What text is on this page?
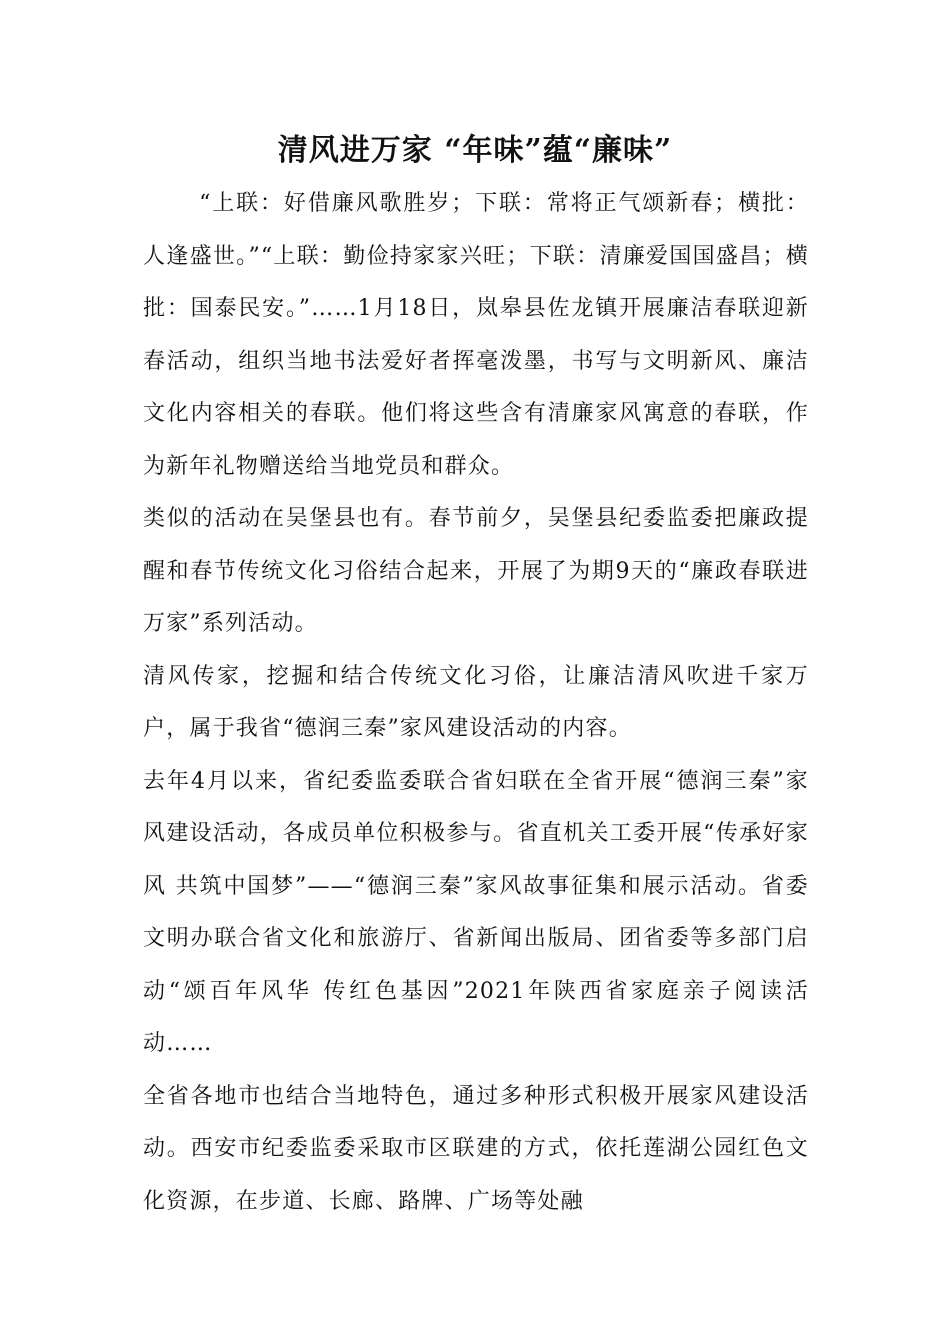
清风进万家 “年味”蕴“廉味”

“上联：好借廉风歌胜岁；下联：常将正气颂新春；横批：人逢盛世。”“上联：勤俭持家家兴旺；下联：清廉爱国国盛昌；横批：国泰民安。”……1月18日，岚皋县佐龙镇开展廉洁春联迎新春活动，组织当地书法爱好者挥毫泼墨，书写与文明新风、廉洁文化内容相关的春联。他们将这些含有清廉家风寓意的春联，作为新年礼物赠送给当地党员和群众。

类似的活动在吴堡县也有。春节前夕，吴堡县纪委监委把廉政提醒和春节传统文化习俗结合起来，开展了为期9天的“廉政春联进万家”系列活动。

清风传家，挖掘和结合传统文化习俗，让廉洁清风吹进千家万户，属于我省“德润三秦”家风建设活动的内容。

去年4月以来，省纪委监委联合省妇联在全省开展“德润三秦”家风建设活动，各成员单位积极参与。省直机关工委开展“传承好家风 共筑中国梦”——“德润三秦”家风故事征集和展示活动。省委文明办联合省文化和旅游厅、省新闻出版局、团省委等多部门启动“颂百年风华 传红色基因”2021年陕西省家庭亲子阅读活动……

全省各地市也结合当地特色，通过多种形式积极开展家风建设活动。西安市纪委监委采取市区联建的方式，依托莲湖公园红色文化资源，在步道、长廊、路牌、广场等处融
